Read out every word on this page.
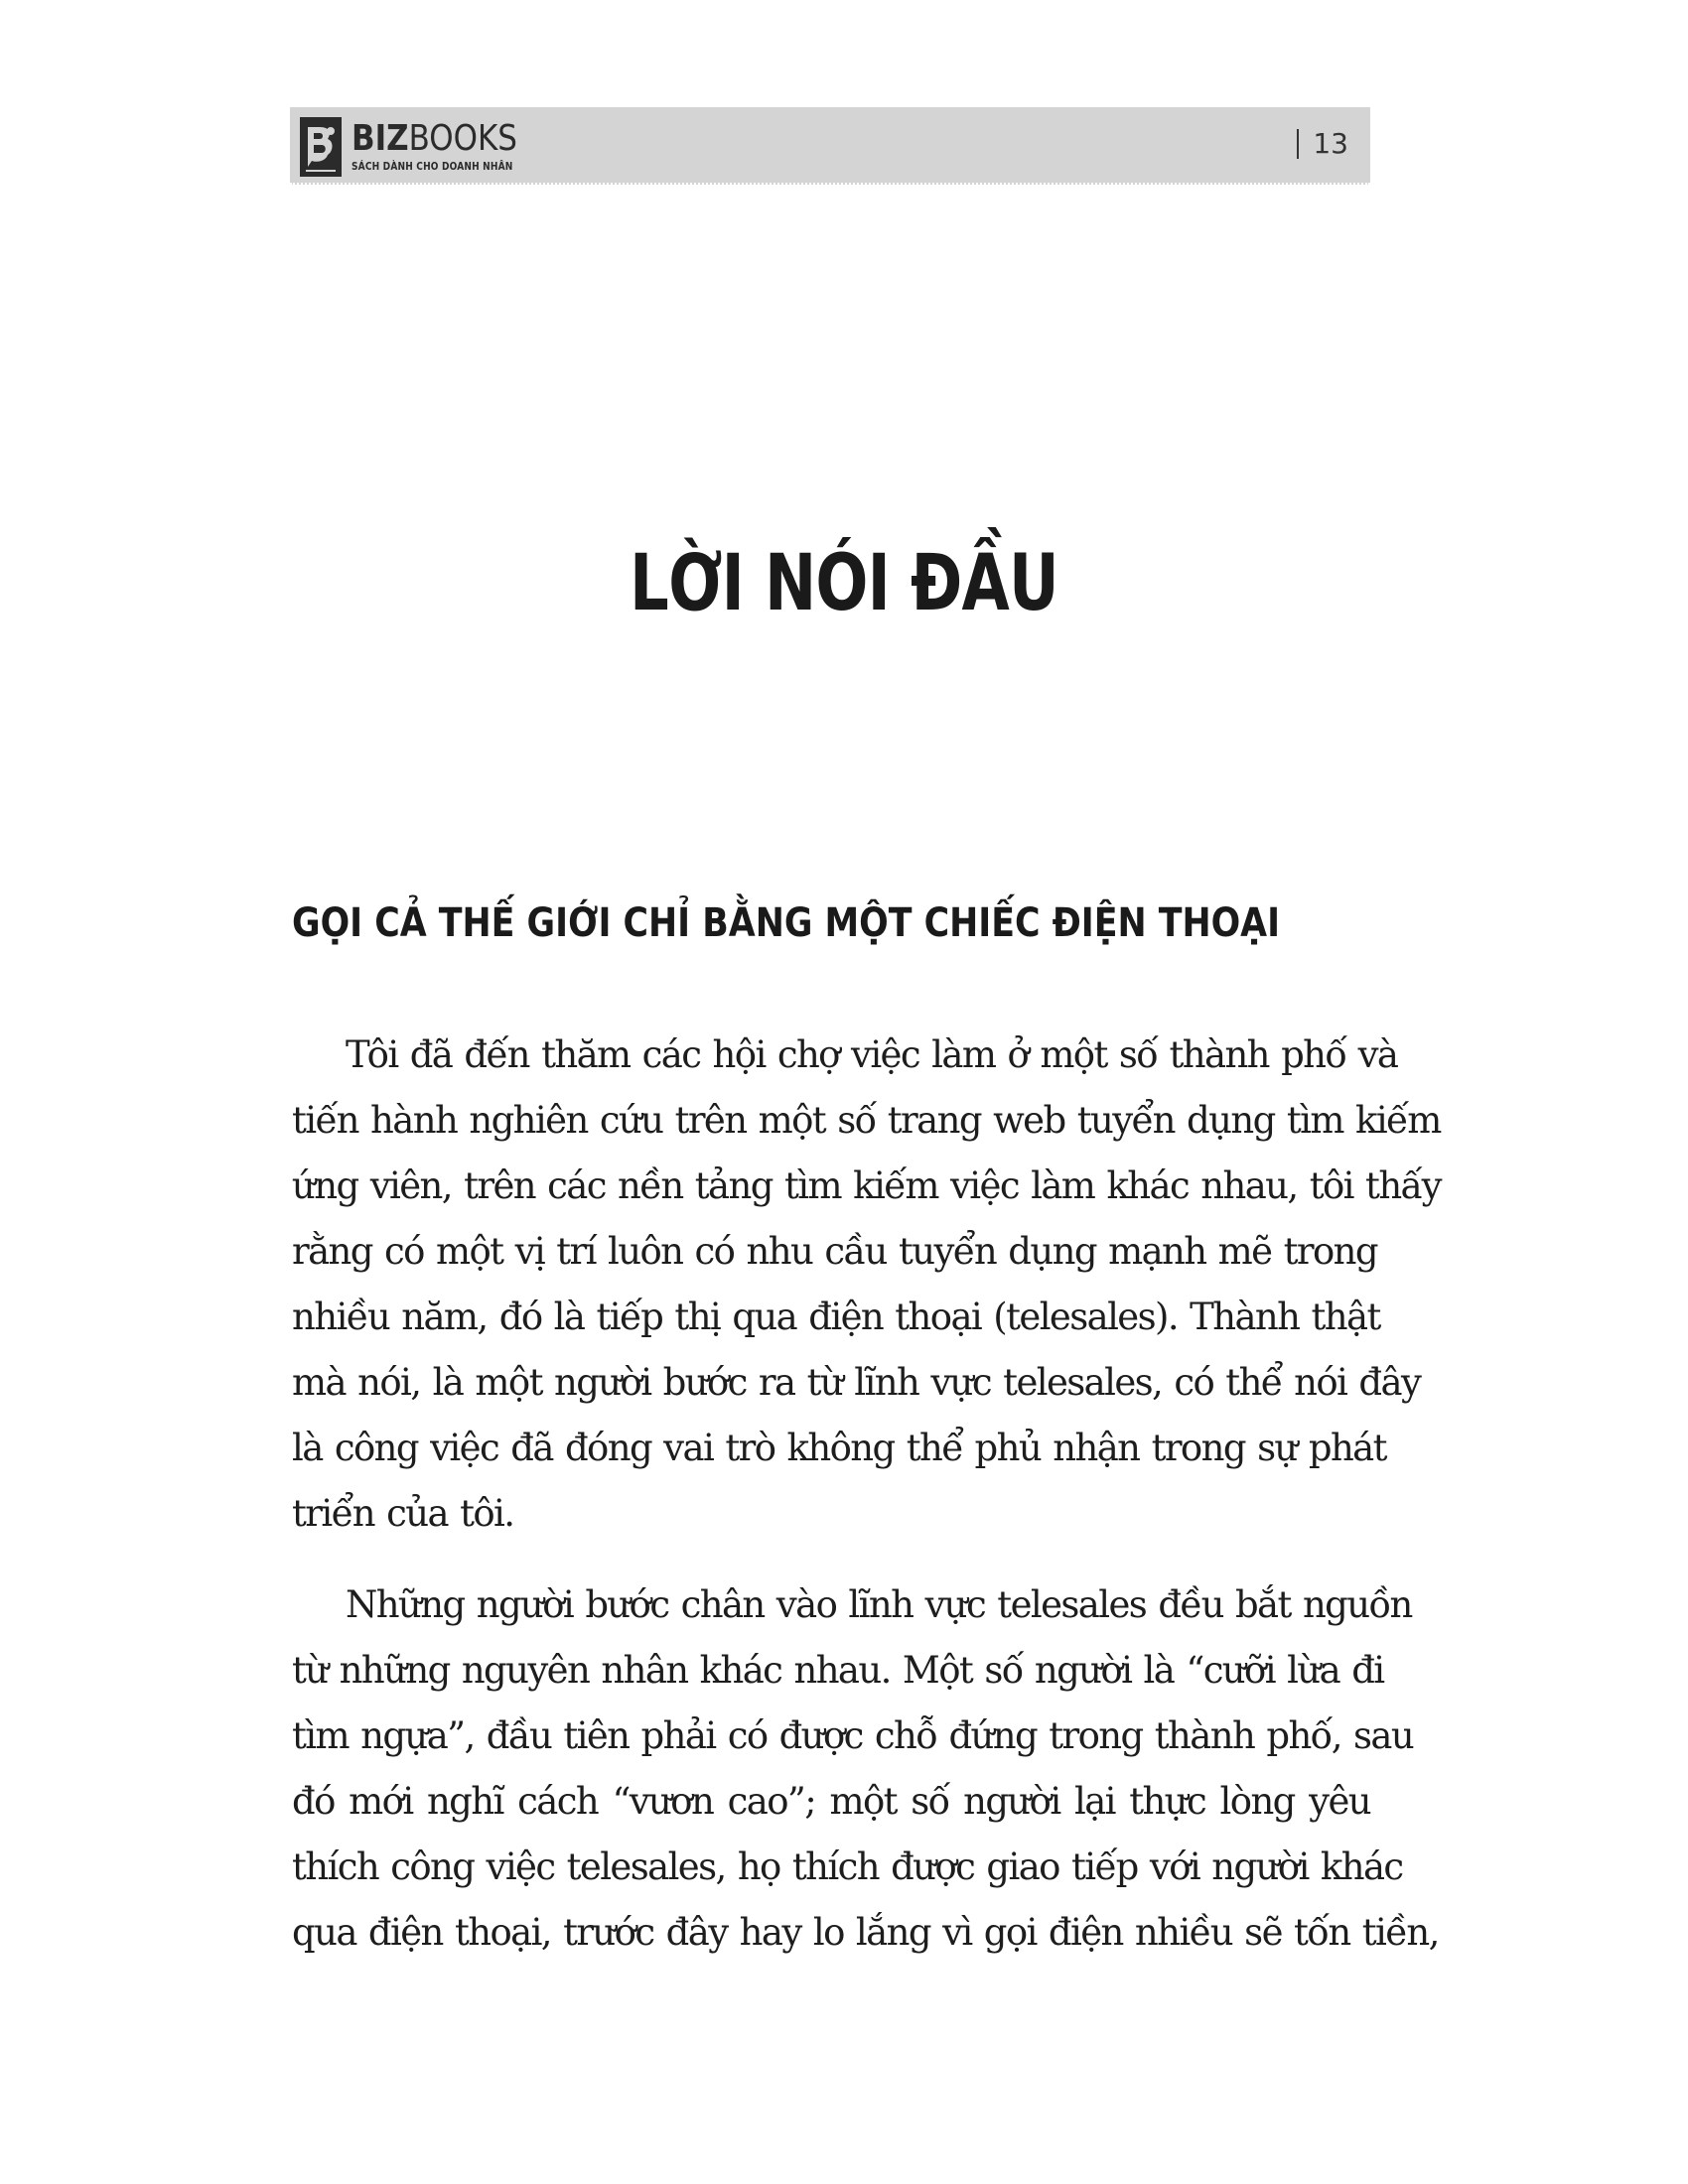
BIZBOOKS
SÁCH DÀNH CHO DOANH NHÂN
13
LỜI NÓI ĐẦU
GỌI CẢ THẾ GIỚI CHỈ BẰNG MỘT CHIẾC ĐIỆN THOẠI
Tôi đã đến thăm các hội chợ việc làm ở một số thành phố và
tiến hành nghiên cứu trên một số trang web tuyển dụng tìm kiếm
ứng viên, trên các nền tảng tìm kiếm việc làm khác nhau, tôi thấy
rằng có một vị trí luôn có nhu cầu tuyển dụng mạnh mẽ trong
nhiều năm, đó là tiếp thị qua điện thoại (telesales). Thành thật
mà nói, là một người bước ra từ lĩnh vực telesales, có thể nói đây
là công việc đã đóng vai trò không thể phủ nhận trong sự phát
triển của tôi.
Những người bước chân vào lĩnh vực telesales đều bắt nguồn
từ những nguyên nhân khác nhau. Một số người là “cưỡi lừa đi
tìm ngựa”, đầu tiên phải có được chỗ đứng trong thành phố, sau
đó mới nghĩ cách “vươn cao”; một số người lại thực lòng yêu
thích công việc telesales, họ thích được giao tiếp với người khác
qua điện thoại, trước đây hay lo lắng vì gọi điện nhiều sẽ tốn tiền,
